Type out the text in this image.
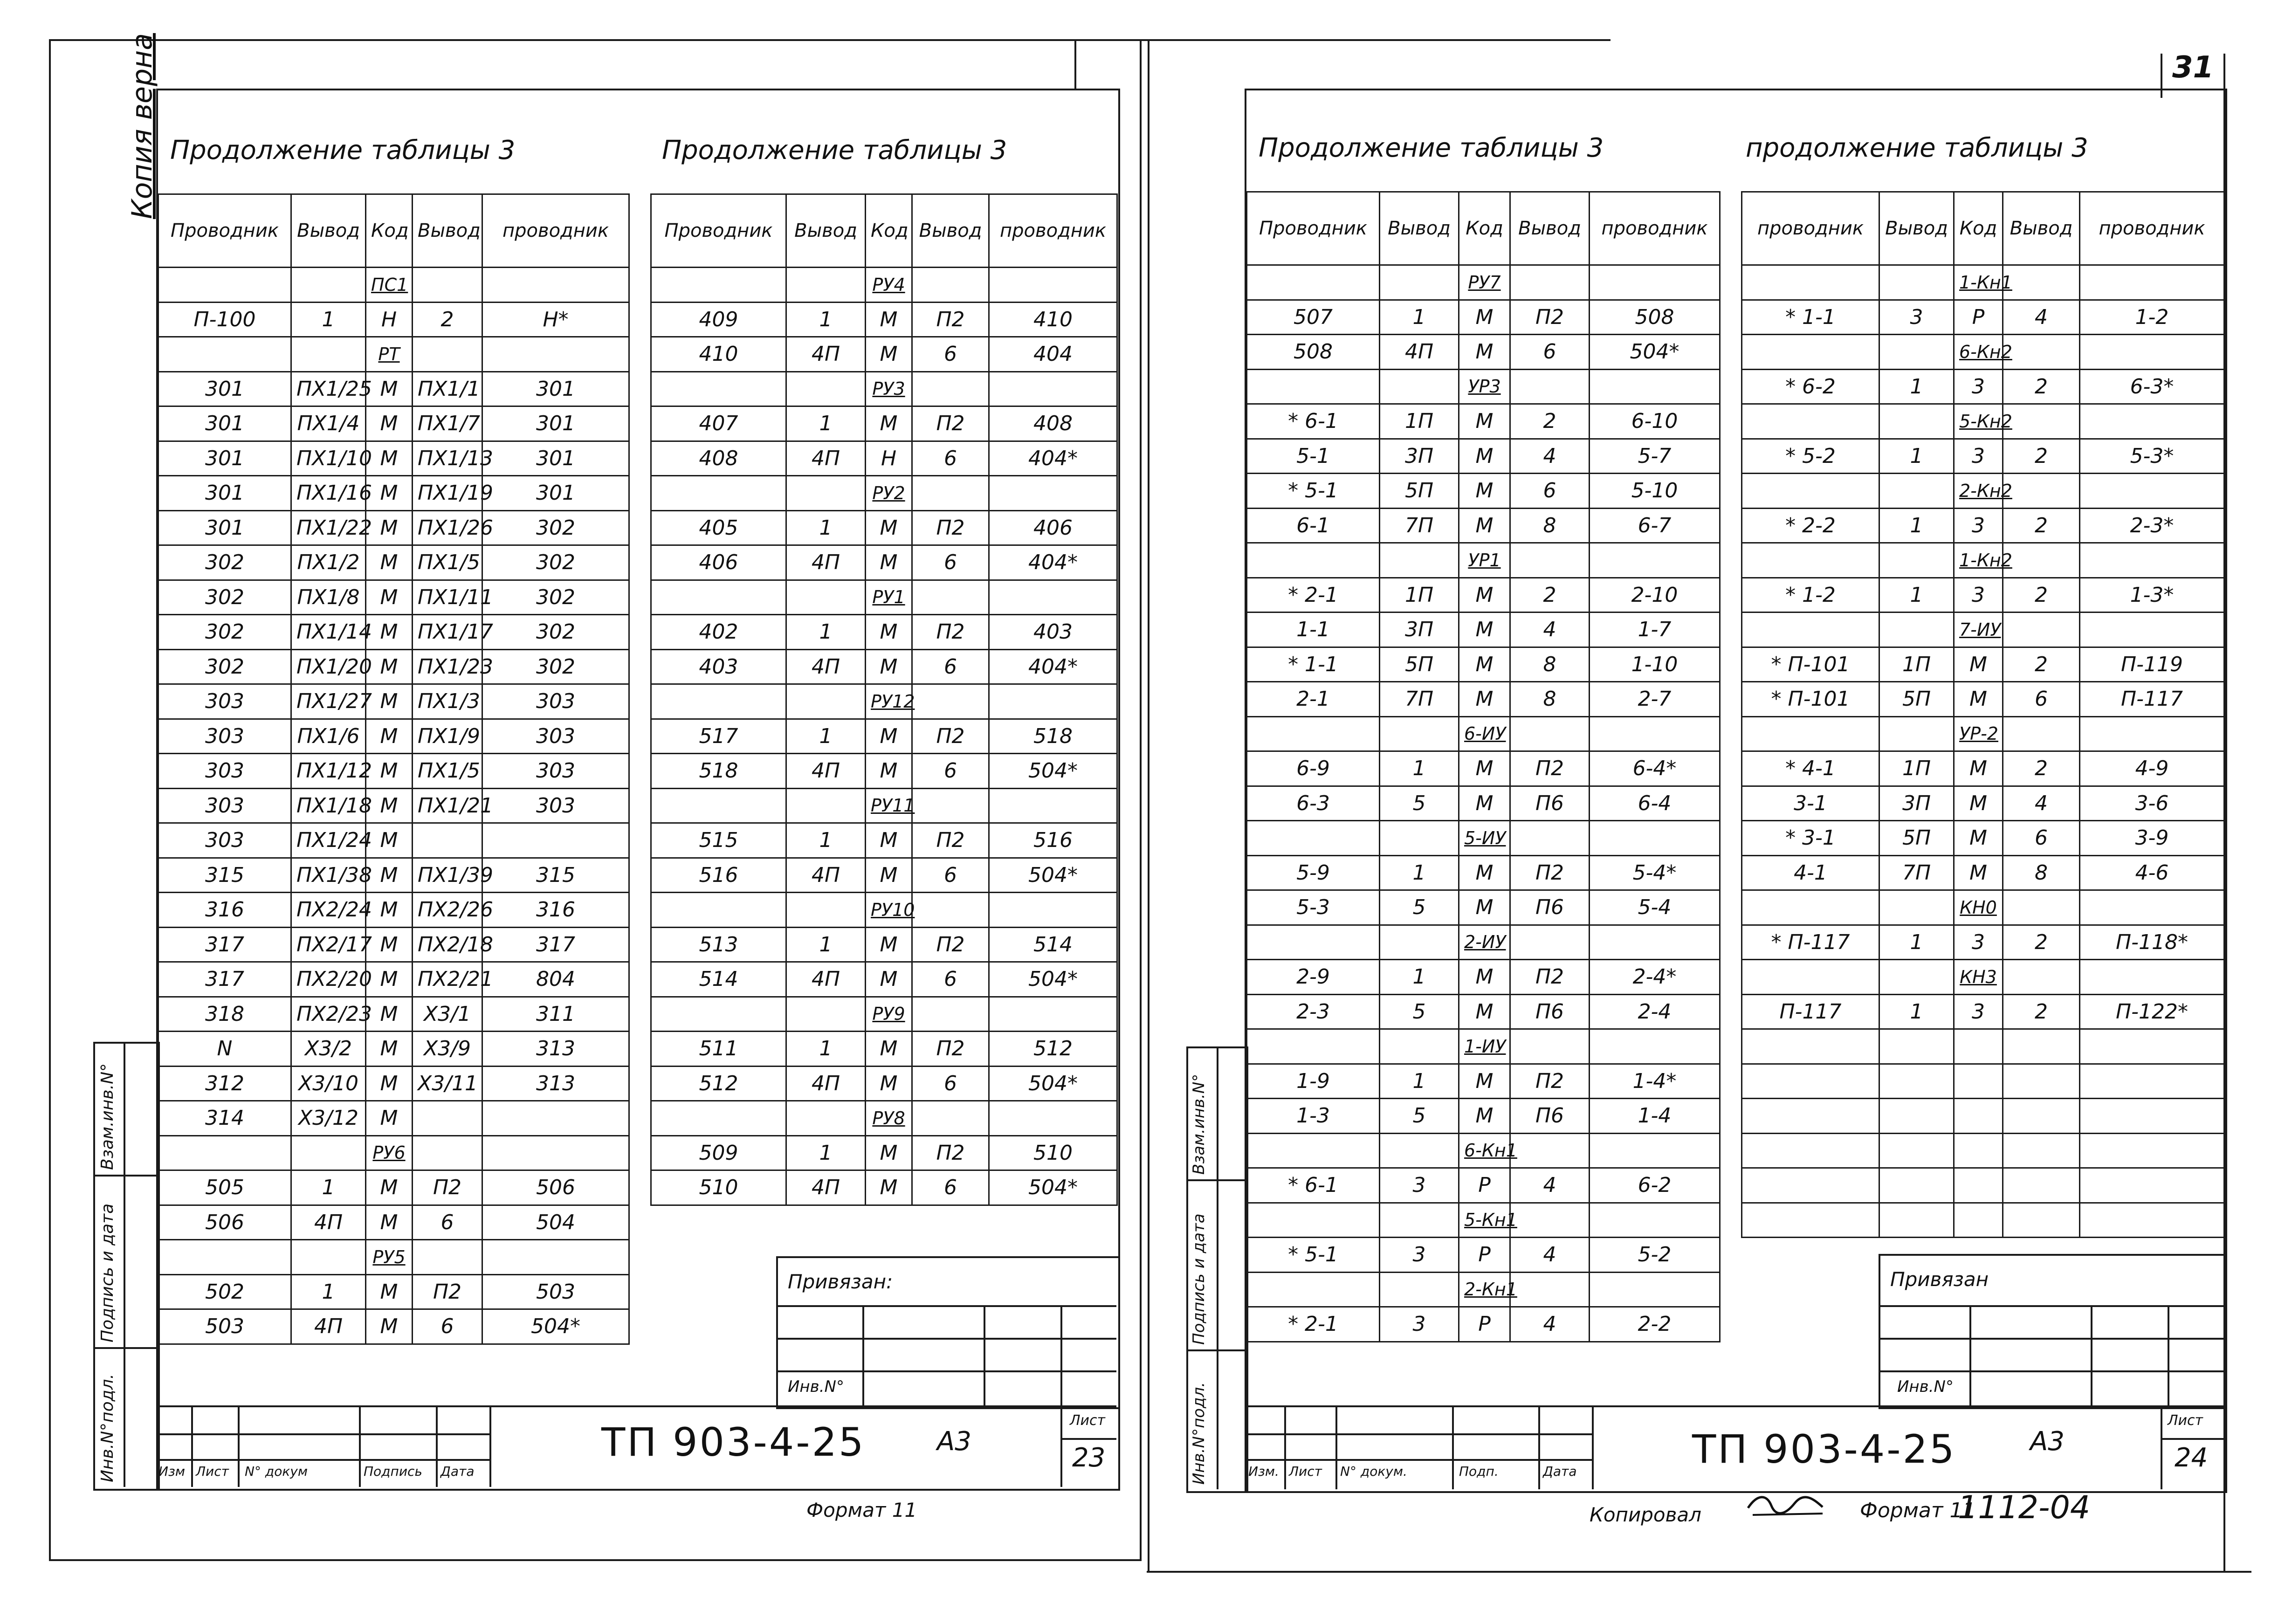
31
Копия верна Продолжение таблицы 3	Продолжение таблицы 3
Проводник	Вывод	Код	Вывод	проводник
		ПС1		
П-100	1	Н	2	Н*
		РТ		
301	ПХ1/25	М	ПХ1/1	301
301	ПХ1/4	М	ПХ1/7	301
301	ПХ1/10	М	ПХ1/13	301
301	ПХ1/16	М	ПХ1/19	301
301	ПХ1/22	М	ПХ1/26	302
302	ПХ1/2	М	ПХ1/5	302
302	ПХ1/8	М	ПХ1/11	302
302	ПХ1/14	М	ПХ1/17	302
302	ПХ1/20	М	ПХ1/23	302
303	ПХ1/27	М	ПХ1/3	303
303	ПХ1/6	М	ПХ1/9	303
303	ПХ1/12	М	ПХ1/5	303
303	ПХ1/18	М	ПХ1/21	303
303	ПХ1/24	М		
315	ПХ1/38	М	ПХ1/39	315
316	ПХ2/24	М	ПХ2/26	316
317	ПХ2/17	М	ПХ2/18	317
317	ПХ2/20	М	ПХ2/21	804
318	ПХ2/23	М	Х3/1	311
N	Х3/2	М	Х3/9	313
312	Х3/10	М	Х3/11	313
314	Х3/12	М		
		РУ6		
505	1	М	П2	506
506	4П	М	6	504
		РУ5		
502	1	М	П2	503
503	4П	М	6	504*
Проводник	Вывод	Код	Вывод	проводник
		РУ4		
409	1	М	П2	410
410	4П	М	6	404
		РУ3		
407	1	М	П2	408
408	4П	Н	6	404*
		РУ2		
405	1	М	П2	406
406	4П	М	6	404*
		РУ1		
402	1	М	П2	403
403	4П	М	6	404*
		РУ12		
517	1	М	П2	518
518	4П	М	6	504*
		РУ11		
515	1	М	П2	516
516	4П	М	6	504*
		РУ10		
513	1	М	П2	514
514	4П	М	6	504*
		РУ9		
511	1	М	П2	512
512	4П	М	6	504*
		РУ8		
509	1	М	П2	510
510	4П	М	6	504*
Инв.N°подл.
Подпись и дата
Взам.инв.N°
Привязан:
Инв.N°
Изм Лист N° докум	Подпись Дата
ТП 903-4-25	А3
Лист
23
Формат 11
Продолжение таблицы 3	продолжение таблицы 3
Проводник	Вывод	Код	Вывод	проводник
		РУ7		
507	1	М	П2	508
508	4П	М	6	504*
		УР3		
* 6-1	1П	М	2	6-10
5-1	3П	М	4	5-7
* 5-1	5П	М	6	5-10
6-1	7П	М	8	6-7
		УР1		
* 2-1	1П	М	2	2-10
1-1	3П	М	4	1-7
* 1-1	5П	М	8	1-10
2-1	7П	М	8	2-7
		6-ИУ		
6-9	1	М	П2	6-4*
6-3	5	М	П6	6-4
		5-ИУ		
5-9	1	М	П2	5-4*
5-3	5	М	П6	5-4
		2-ИУ		
2-9	1	М	П2	2-4*
2-3	5	М	П6	2-4
		1-ИУ		
1-9	1	М	П2	1-4*
1-3	5	М	П6	1-4
		6-Кн1		
* 6-1	3	Р	4	6-2
		5-Кн1		
* 5-1	3	Р	4	5-2
		2-Кн1		
* 2-1	3	Р	4	2-2
проводник	Вывод	Код	Вывод	проводник
		1-Кн1		
* 1-1	3	Р	4	1-2
		6-Кн2		
* 6-2	1	3	2	6-3*
		5-Кн2		
* 5-2	1	3	2	5-3*
		2-Кн2		
* 2-2	1	3	2	2-3*
		1-Кн2		
* 1-2	1	3	2	1-3*
		7-ИУ		
* П-101	1П	М	2	П-119
* П-101	5П	М	6	П-117
		УР-2		
* 4-1	1П	М	2	4-9
3-1	3П	М	4	3-6
* 3-1	5П	М	6	3-9
4-1	7П	М	8	4-6
		КН0		
* П-117	1	3	2	П-118*
		КН3		
П-117	1	3	2	П-122*

Инв.N°подл.
Подпись и дата
Взам.инв.N°
Привязан
Инв.N°
Изм. Лист N° докум.	Подп.	Дата	ТП 903-4-25	А3
Лист
24
Копировал	Формат 11
1112-04
